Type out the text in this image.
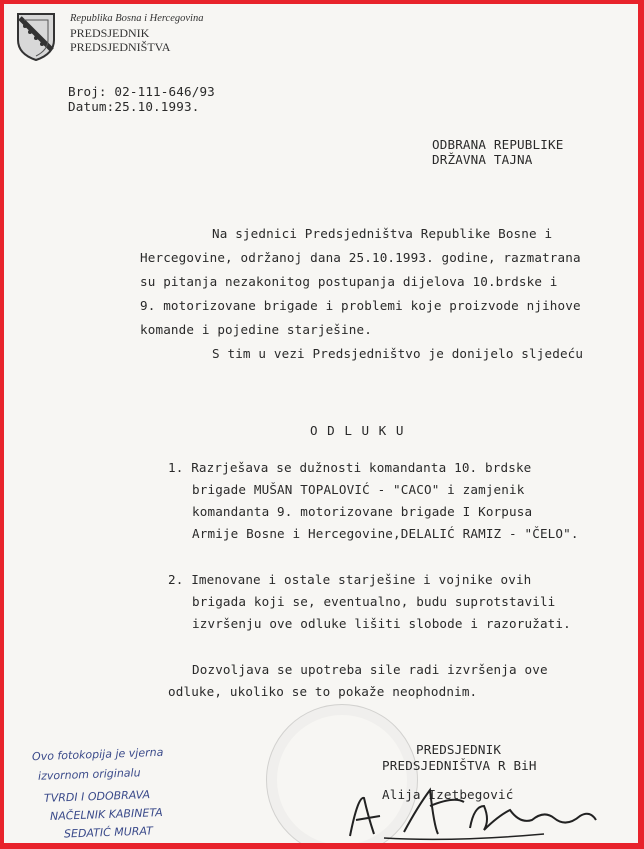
Republika Bosna i Hercegovina
PREDSJEDNIK
PREDSJEDNIŠTVA
Broj: 02-111-646/93
Datum:25.10.1993.
ODBRANA REPUBLIKE
DRŽAVNA TAJNA
Na sjednici Predsjedništva Republike Bosne i
Hercegovine, održanoj dana 25.10.1993. godine, razmatrana
su pitanja nezakonitog postupanja dijelova 10.brdske i
9. motorizovane brigade i problemi koje proizvode njihove
komande i pojedine starješine.
S tim u vezi Predsjedništvo je donijelo sljedeću
O D L U K U
1. Razrješava se dužnosti komandanta 10. brdske
brigade MUŠAN TOPALOVIĆ - "CACO" i zamjenik
komandanta 9. motorizovane brigade I Korpusa
Armije Bosne i Hercegovine,DELALIĆ RAMIZ - "ČELO".
2. Imenovane i ostale starješine i vojnike ovih
brigada koji se, eventualno, budu suprotstavili
izvršenju ove odluke lišiti slobode i razoružati.
Dozvoljava se upotreba sile radi izvršenja ove
odluke, ukoliko se to pokaže neophodnim.
PREDSJEDNIK
PREDSJEDNIŠTVA R BiH
Alija Izetbegović
Ovo fotokopija je vjerna
izvornom originalu
TVRDI I ODOBRAVA
NAČELNIK KABINETA
SEDATIĆ MURAT
